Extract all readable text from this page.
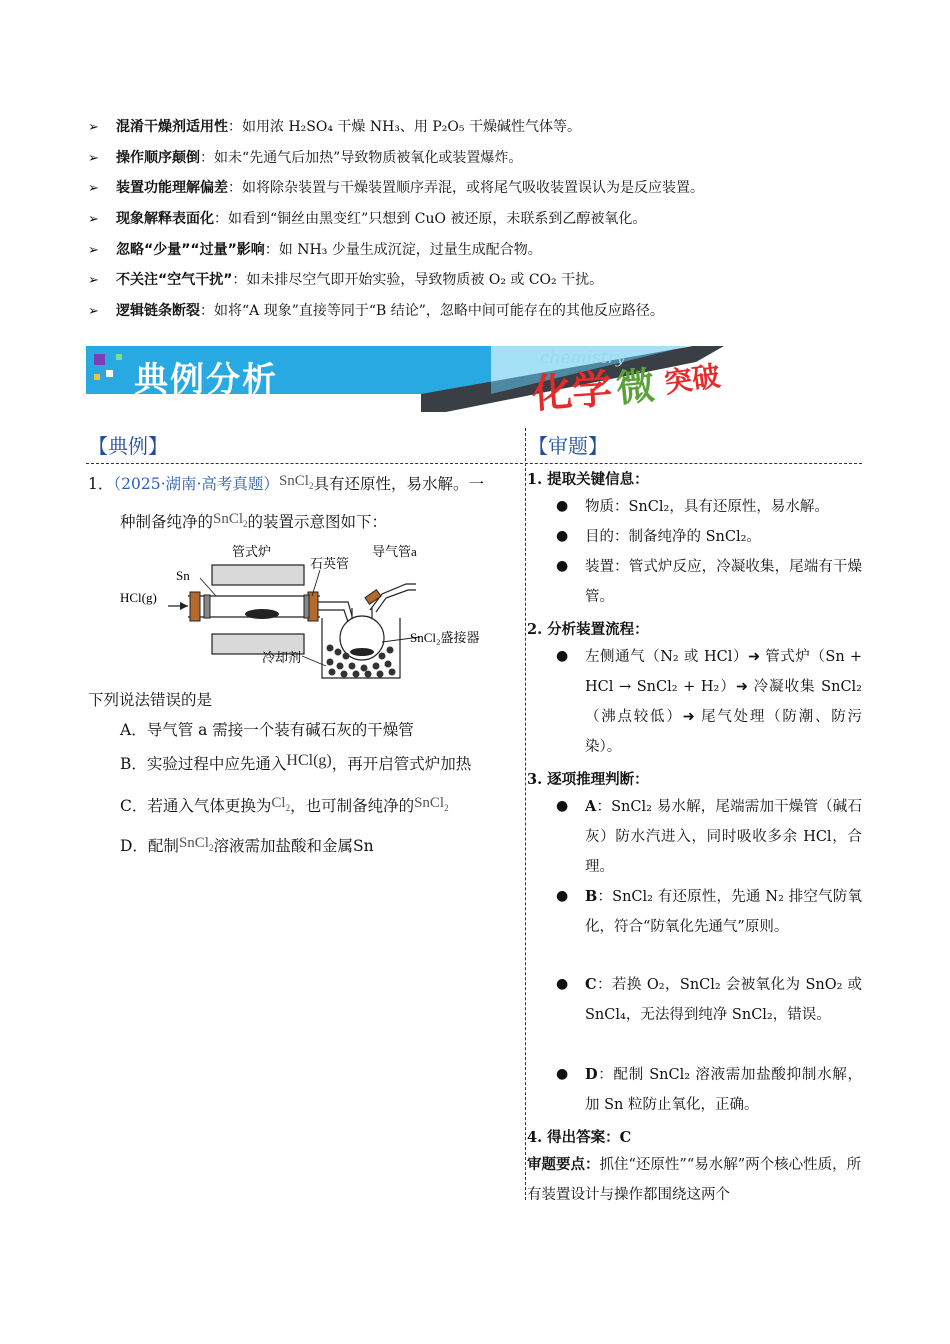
➢ 混淆干燥剂适用性：如用浓 H₂SO₄ 干燥 NH₃、用 P₂O₅ 干燥碱性气体等。
➢ 操作顺序颠倒：如未“先通气后加热”导致物质被氧化或装置爆炸。
➢ 装置功能理解偏差：如将除杂装置与干燥装置顺序弄混，或将尾气吸收装置误认为是反应装置。
➢ 现象解释表面化：如看到“铜丝由黑变红”只想到 CuO 被还原，未联系到乙醇被氧化。
➢ 忽略“少量”“过量”影响：如 NH₃ 少量生成沉淀，过量生成配合物。
➢ 不关注“空气干扰”：如未排尽空气即开始实验，导致物质被 O₂ 或 CO₂ 干扰。
➢ 逻辑链条断裂：如将“A 现象”直接等同于“B 结论”，忽略中间可能存在的其他反应路径。
典例分析
chemistry
化学 微 突破
【典例】	【审题】
1．（2025·湖南·高考真题）SnCl$_2$具有还原性，易水解。一
种制备纯净的SnCl$_2$的装置示意图如下：
管式炉
Sn
石英管
导气管a
HCl(g)
SnCl₂盛接器
冷却剂
下列说法错误的是
A．导气管 a 需接一个装有碱石灰的干燥管
B．实验过程中应先通入HCl(g)，再开启管式炉加热
C．若通入气体更换为$Cl_2$，也可制备纯净的SnCl$_2$
D．配制SnCl$_2$溶液需加盐酸和金属Sn
1. 提取关键信息：
● 物质：SnCl₂，具有还原性，易水解。
● 目的：制备纯净的 SnCl₂。
● 装置：管式炉反应，冷凝收集，尾端有干燥管。
2. 分析装置流程：
● 左侧通气（N₂ 或 HCl）➜ 管式炉（Sn + HCl → SnCl₂ + H₂）➜ 冷凝收集 SnCl₂（沸点较低）➜ 尾气处理（防潮、防污染）。
3. 逐项推理判断：
● A：SnCl₂ 易水解，尾端需加干燥管（碱石灰）防水汽进入，同时吸收多余 HCl，合理。
● B：SnCl₂ 有还原性，先通 N₂ 排空气防氧化，符合“防氧化先通气”原则。
● C：若换 O₂，SnCl₂ 会被氧化为 SnO₂ 或 SnCl₄，无法得到纯净 SnCl₂，错误。
● D：配制 SnCl₂ 溶液需加盐酸抑制水解，加 Sn 粒防止氧化，正确。
4. 得出答案：C
审题要点：抓住“还原性”“易水解”两个核心性质，所有装置设计与操作都围绕这两个
